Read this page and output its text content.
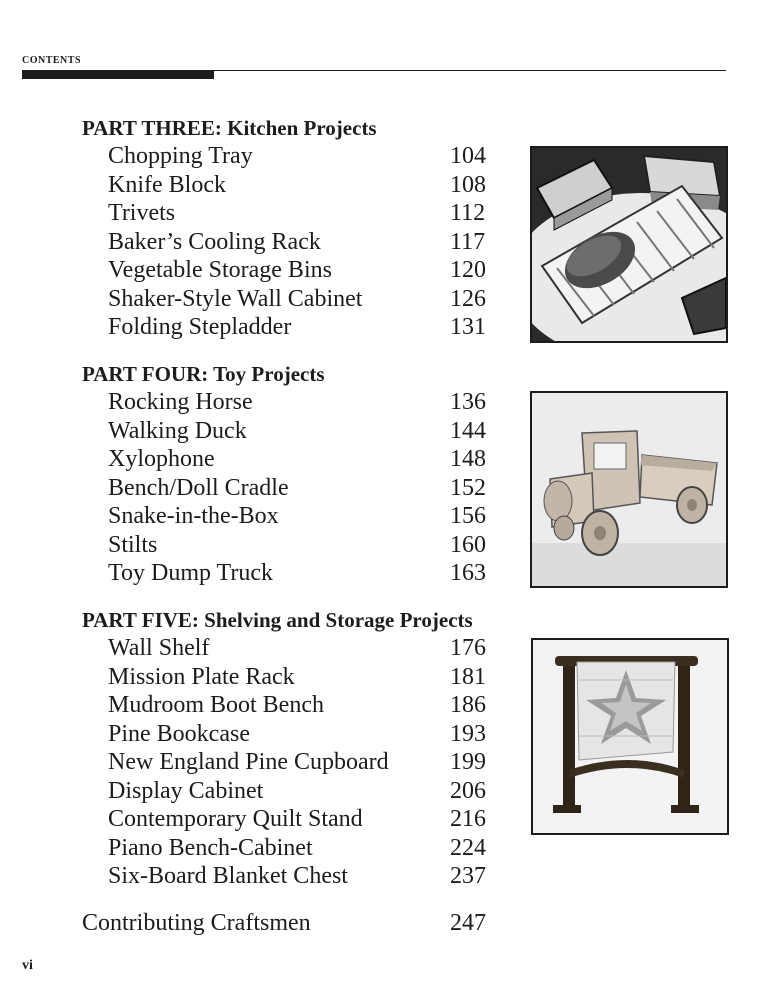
CONTENTS
PART THREE: Kitchen Projects
Chopping Tray	104
Knife Block	108
Trivets	112
Baker’s Cooling Rack	117
Vegetable Storage Bins	120
Shaker-Style Wall Cabinet	126
Folding Stepladder	131
PART FOUR: Toy Projects
Rocking Horse	136
Walking Duck	144
Xylophone	148
Bench/Doll Cradle	152
Snake-in-the-Box	156
Stilts	160
Toy Dump Truck	163
PART FIVE: Shelving and Storage Projects
Wall Shelf	176
Mission Plate Rack	181
Mudroom Boot Bench	186
Pine Bookcase	193
New England Pine Cupboard	199
Display Cabinet	206
Contemporary Quilt Stand	216
Piano Bench-Cabinet	224
Six-Board Blanket Chest	237
Contributing Craftsmen	247
vi
